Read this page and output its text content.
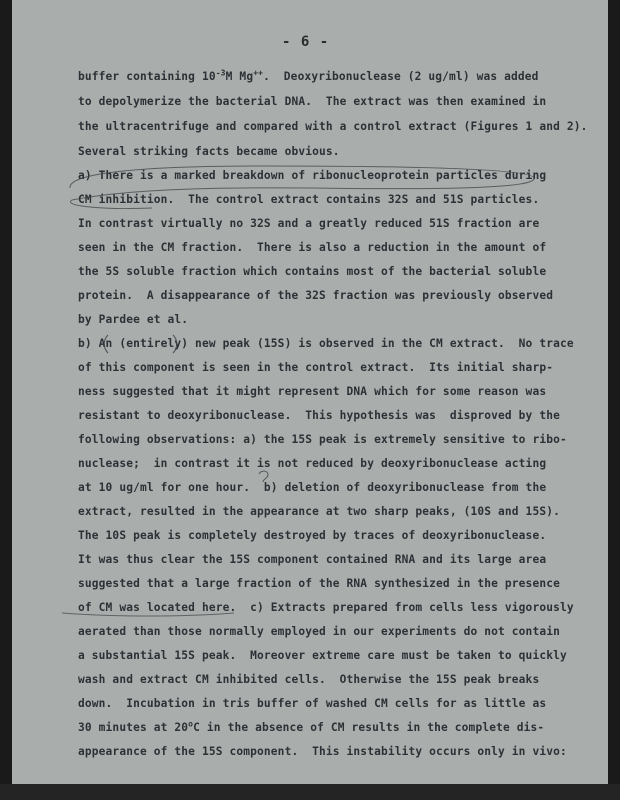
- 6 -
buffer containing $10^{-3}M$ Mg++.  Deoxyribonuclease (2 ug/ml) was added
to depolymerize the bacterial DNA.  The extract was then examined in
the ultracentrifuge and compared with a control extract (Figures 1 and 2).
Several striking facts became obvious.
a) There is a marked breakdown of ribonucleoprotein particles during
CM inhibition.  The control extract contains 32S and 51S particles.
In contrast virtually no 32S and a greatly reduced 51S fraction are
seen in the CM fraction.  There is also a reduction in the amount of
the 5S soluble fraction which contains most of the bacterial soluble
protein.  A disappearance of the 32S fraction was previously observed
by Pardee et al.
b) An (entirely) new peak (15S) is observed in the CM extract.  No trace
of this component is seen in the control extract.  Its initial sharp-
ness suggested that it might represent DNA which for some reason was
resistant to deoxyribonuclease.  This hypothesis was  disproved by the
following observations: a) the 15S peak is extremely sensitive to ribo-
nuclease;  in contrast it is not reduced by deoxyribonuclease acting
at 10 ug/ml for one hour.  b) deletion of deoxyribonuclease from the
extract, resulted in the appearance at two sharp peaks, (10S and 15S).
The 10S peak is completely destroyed by traces of deoxyribonuclease.
It was thus clear the 15S component contained RNA and its large area
suggested that a large fraction of the RNA synthesized in the presence
of CM was located here.  c) Extracts prepared from cells less vigorously
aerated than those normally employed in our experiments do not contain
a substantial 15S peak.  Moreover extreme care must be taken to quickly
wash and extract CM inhibited cells.  Otherwise the 15S peak breaks
down.  Incubation in tris buffer of washed CM cells for as little as
30 minutes at 20$^o$C in the absence of CM results in the complete dis-
appearance of the 15S component.  This instability occurs only in vivo:
